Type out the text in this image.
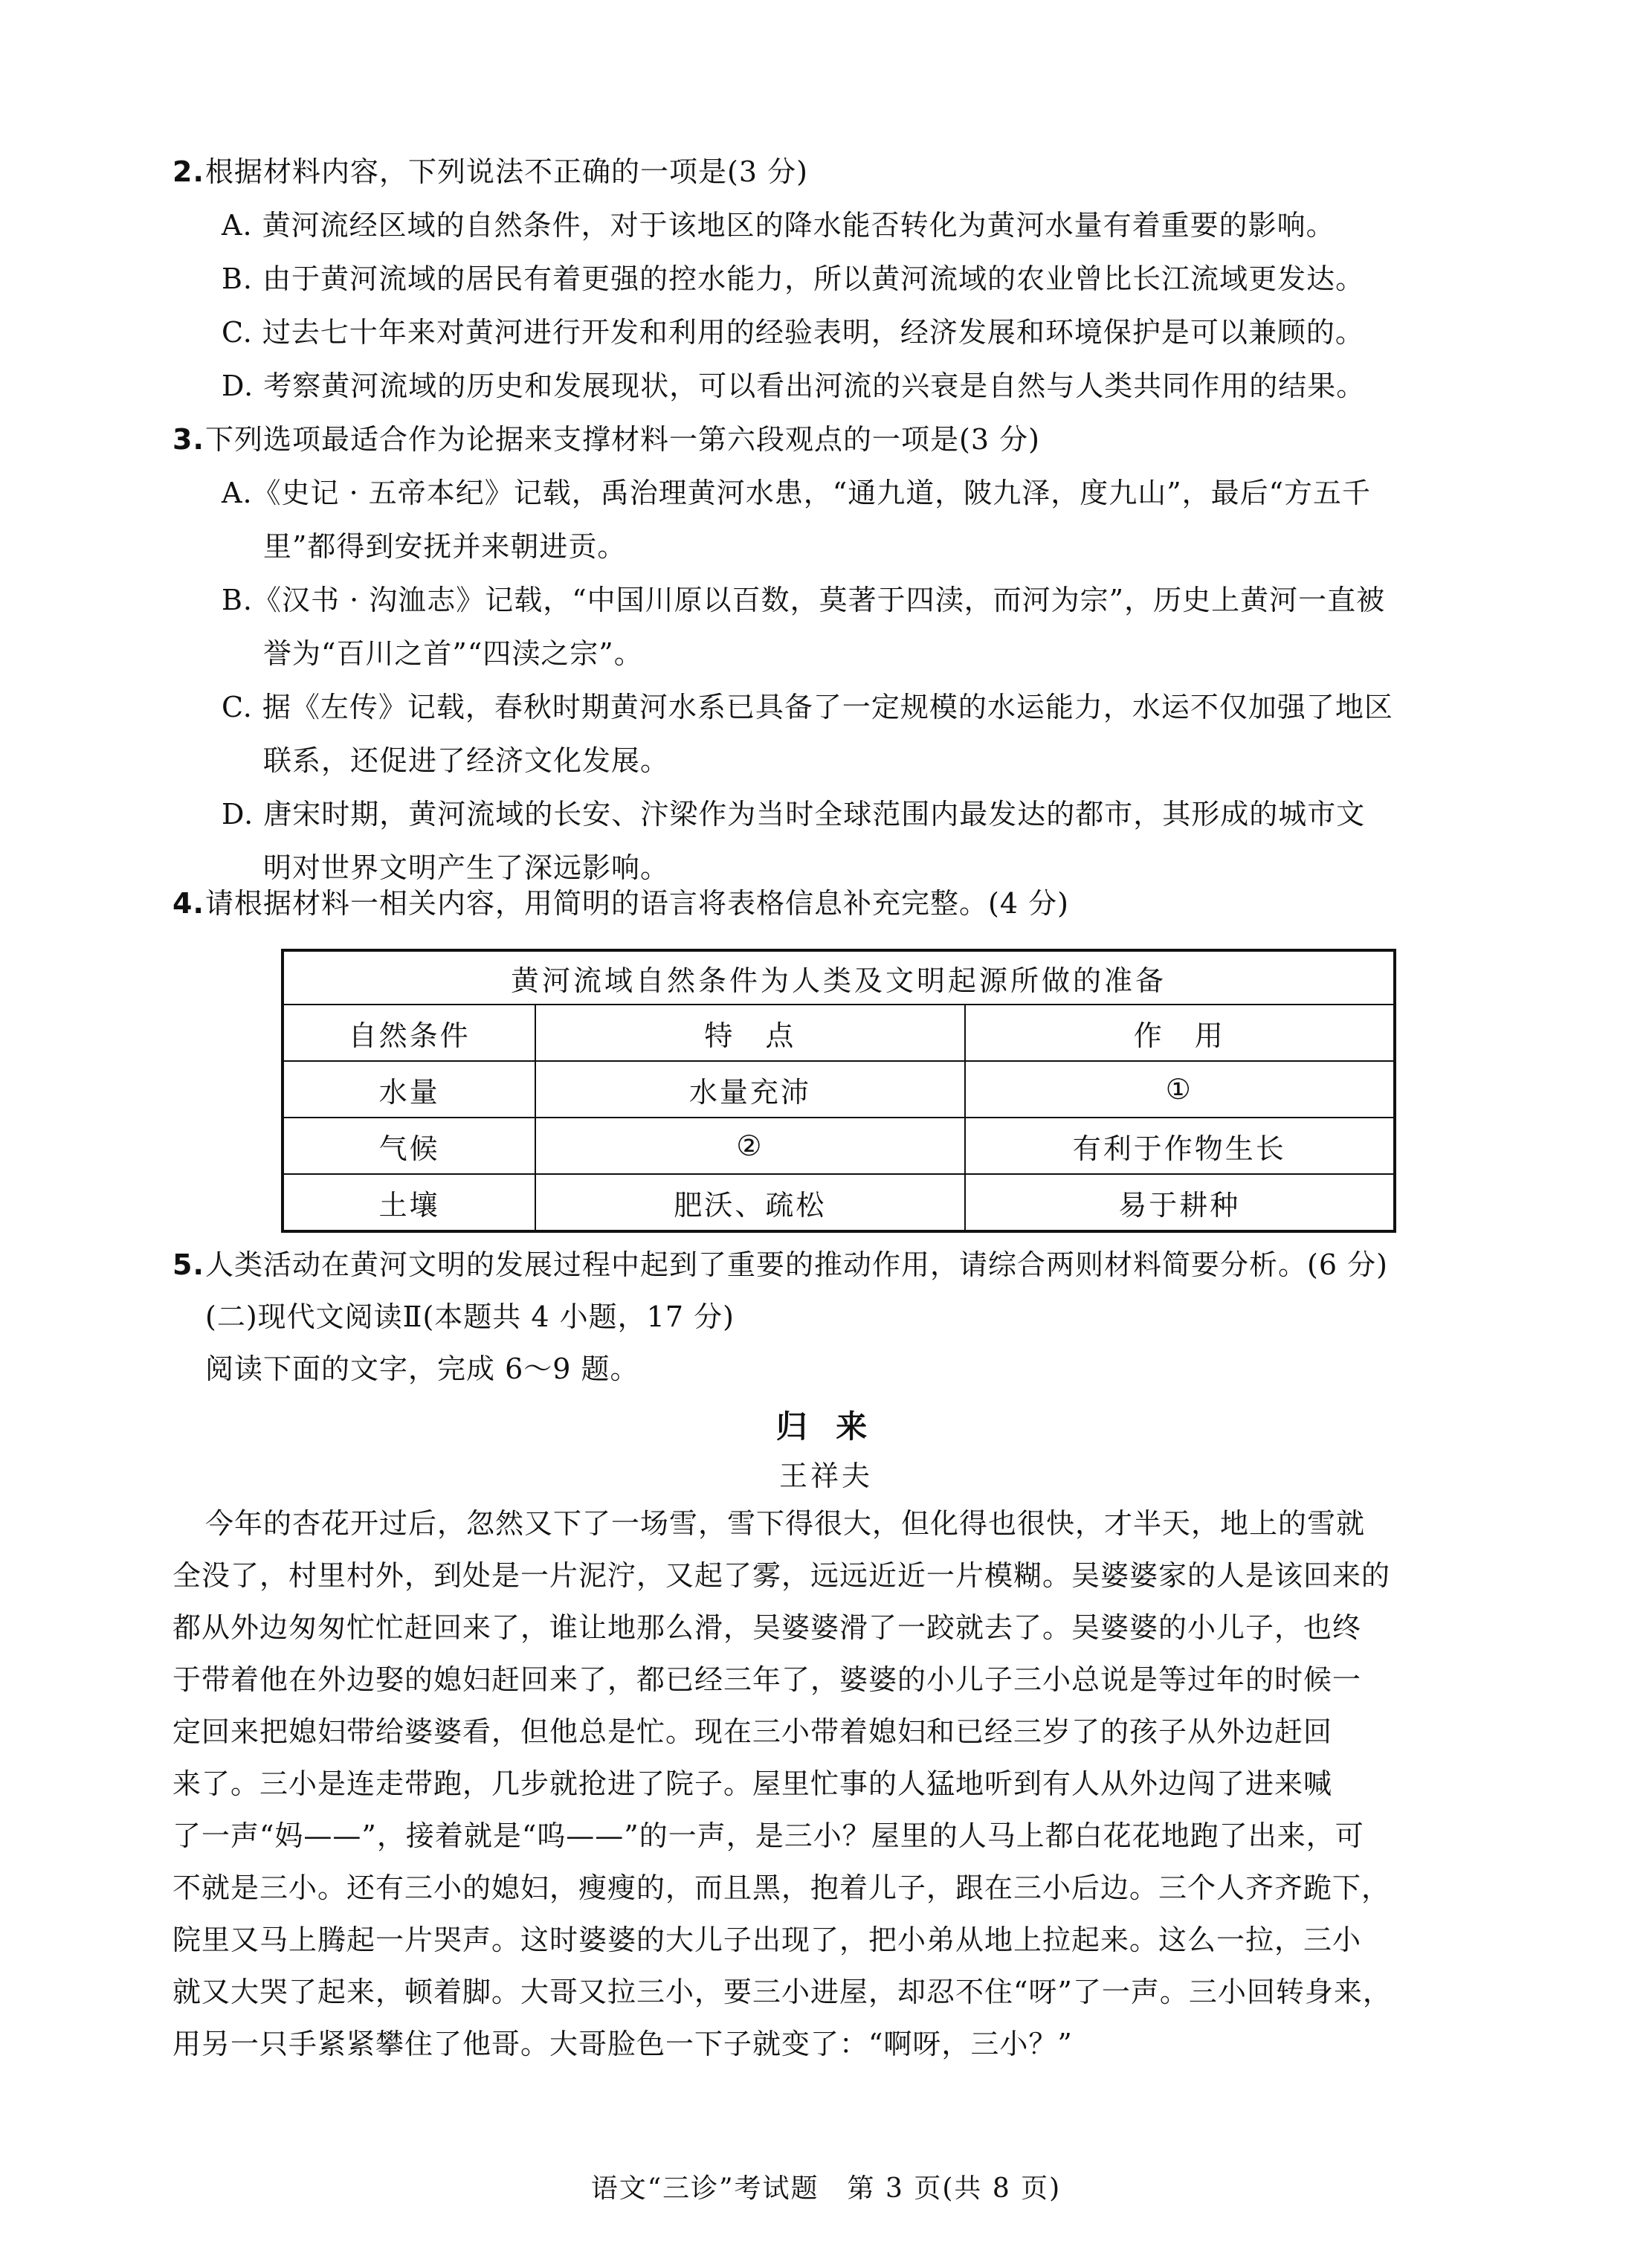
2.根据材料内容，下列说法不正确的一项是(3 分)
A. 黄河流经区域的自然条件，对于该地区的降水能否转化为黄河水量有着重要的影响。
B. 由于黄河流域的居民有着更强的控水能力，所以黄河流域的农业曾比长江流域更发达。
C. 过去七十年来对黄河进行开发和利用的经验表明，经济发展和环境保护是可以兼顾的。
D. 考察黄河流域的历史和发展现状，可以看出河流的兴衰是自然与人类共同作用的结果。
3.下列选项最适合作为论据来支撑材料一第六段观点的一项是(3 分)
A.《史记 · 五帝本纪》记载，禹治理黄河水患，“通九道，陂九泽，度九山”，最后“方五千
里”都得到安抚并来朝进贡。
B.《汉书 · 沟洫志》记载，“中国川原以百数，莫著于四渎，而河为宗”，历史上黄河一直被
誉为“百川之首”“四渎之宗”。
C. 据《左传》记载，春秋时期黄河水系已具备了一定规模的水运能力，水运不仅加强了地区
联系，还促进了经济文化发展。
D. 唐宋时期，黄河流域的长安、汴梁作为当时全球范围内最发达的都市，其形成的城市文
明对世界文明产生了深远影响。
4.请根据材料一相关内容，用简明的语言将表格信息补充完整。(4 分)
黄河流域自然条件为人类及文明起源所做的准备		
自然条件	特　点	作　用
水量	水量充沛	①
气候	②	有利于作物生长
土壤	肥沃、疏松	易于耕种
5.人类活动在黄河文明的发展过程中起到了重要的推动作用，请综合两则材料简要分析。(6 分)
(二)现代文阅读Ⅱ(本题共 4 小题，17 分)
阅读下面的文字，完成 6～9 题。
归 来
王祥夫
今年的杏花开过后，忽然又下了一场雪，雪下得很大，但化得也很快，才半天，地上的雪就
全没了，村里村外，到处是一片泥泞，又起了雾，远远近近一片模糊。吴婆婆家的人是该回来的
都从外边匆匆忙忙赶回来了，谁让地那么滑，吴婆婆滑了一跤就去了。吴婆婆的小儿子，也终
于带着他在外边娶的媳妇赶回来了，都已经三年了，婆婆的小儿子三小总说是等过年的时候一
定回来把媳妇带给婆婆看，但他总是忙。现在三小带着媳妇和已经三岁了的孩子从外边赶回
来了。三小是连走带跑，几步就抢进了院子。屋里忙事的人猛地听到有人从外边闯了进来喊
了一声“妈——”，接着就是“呜——”的一声，是三小？屋里的人马上都白花花地跑了出来，可
不就是三小。还有三小的媳妇，瘦瘦的，而且黑，抱着儿子，跟在三小后边。三个人齐齐跪下，
院里又马上腾起一片哭声。这时婆婆的大儿子出现了，把小弟从地上拉起来。这么一拉，三小
就又大哭了起来，顿着脚。大哥又拉三小，要三小进屋，却忍不住“呀”了一声。三小回转身来，
用另一只手紧紧攀住了他哥。大哥脸色一下子就变了：“啊呀，三小？”
语文“三诊”考试题　第 3 页(共 8 页)
